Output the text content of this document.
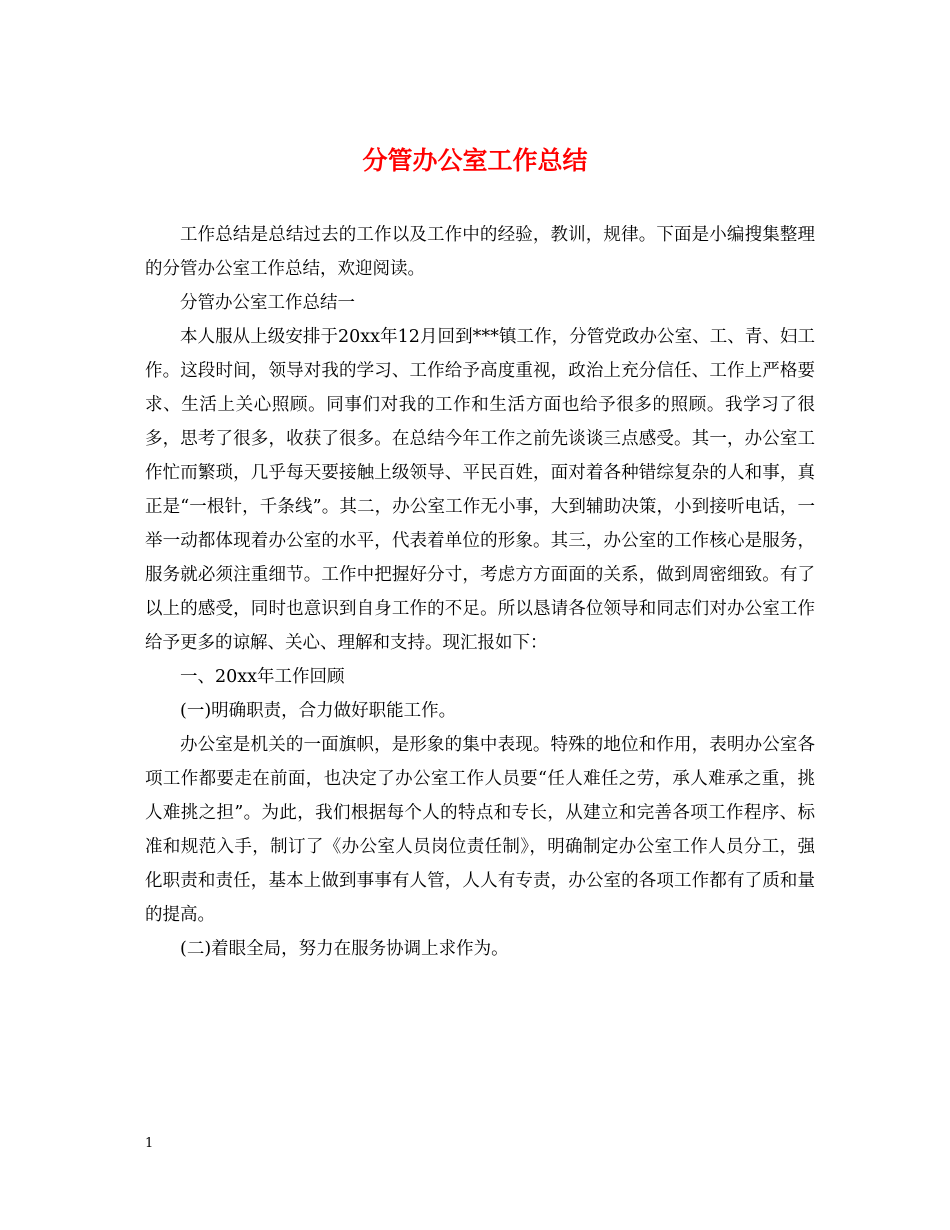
分管办公室工作总结

工作总结是总结过去的工作以及工作中的经验，教训，规律。下面是小编搜集整理的分管办公室工作总结，欢迎阅读。

分管办公室工作总结一

本人服从上级安排于20xx年12月回到***镇工作，分管党政办公室、工、青、妇工作。这段时间，领导对我的学习、工作给予高度重视，政治上充分信任、工作上严格要求、生活上关心照顾。同事们对我的工作和生活方面也给予很多的照顾。我学习了很多，思考了很多，收获了很多。在总结今年工作之前先谈谈三点感受。其一，办公室工作忙而繁琐，几乎每天要接触上级领导、平民百姓，面对着各种错综复杂的人和事，真正是“一根针，千条线”。其二，办公室工作无小事，大到辅助决策，小到接听电话，一举一动都体现着办公室的水平，代表着单位的形象。其三，办公室的工作核心是服务，服务就必须注重细节。工作中把握好分寸，考虑方方面面的关系，做到周密细致。有了以上的感受，同时也意识到自身工作的不足。所以恳请各位领导和同志们对办公室工作给予更多的谅解、关心、理解和支持。现汇报如下：

一、20xx年工作回顾

(一)明确职责，合力做好职能工作。

办公室是机关的一面旗帜，是形象的集中表现。特殊的地位和作用，表明办公室各项工作都要走在前面，也决定了办公室工作人员要“任人难任之劳，承人难承之重，挑人难挑之担”。为此，我们根据每个人的特点和专长，从建立和完善各项工作程序、标准和规范入手，制订了《办公室人员岗位责任制》，明确制定办公室工作人员分工，强化职责和责任，基本上做到事事有人管，人人有专责，办公室的各项工作都有了质和量的提高。

(二)着眼全局，努力在服务协调上求作为。

1
